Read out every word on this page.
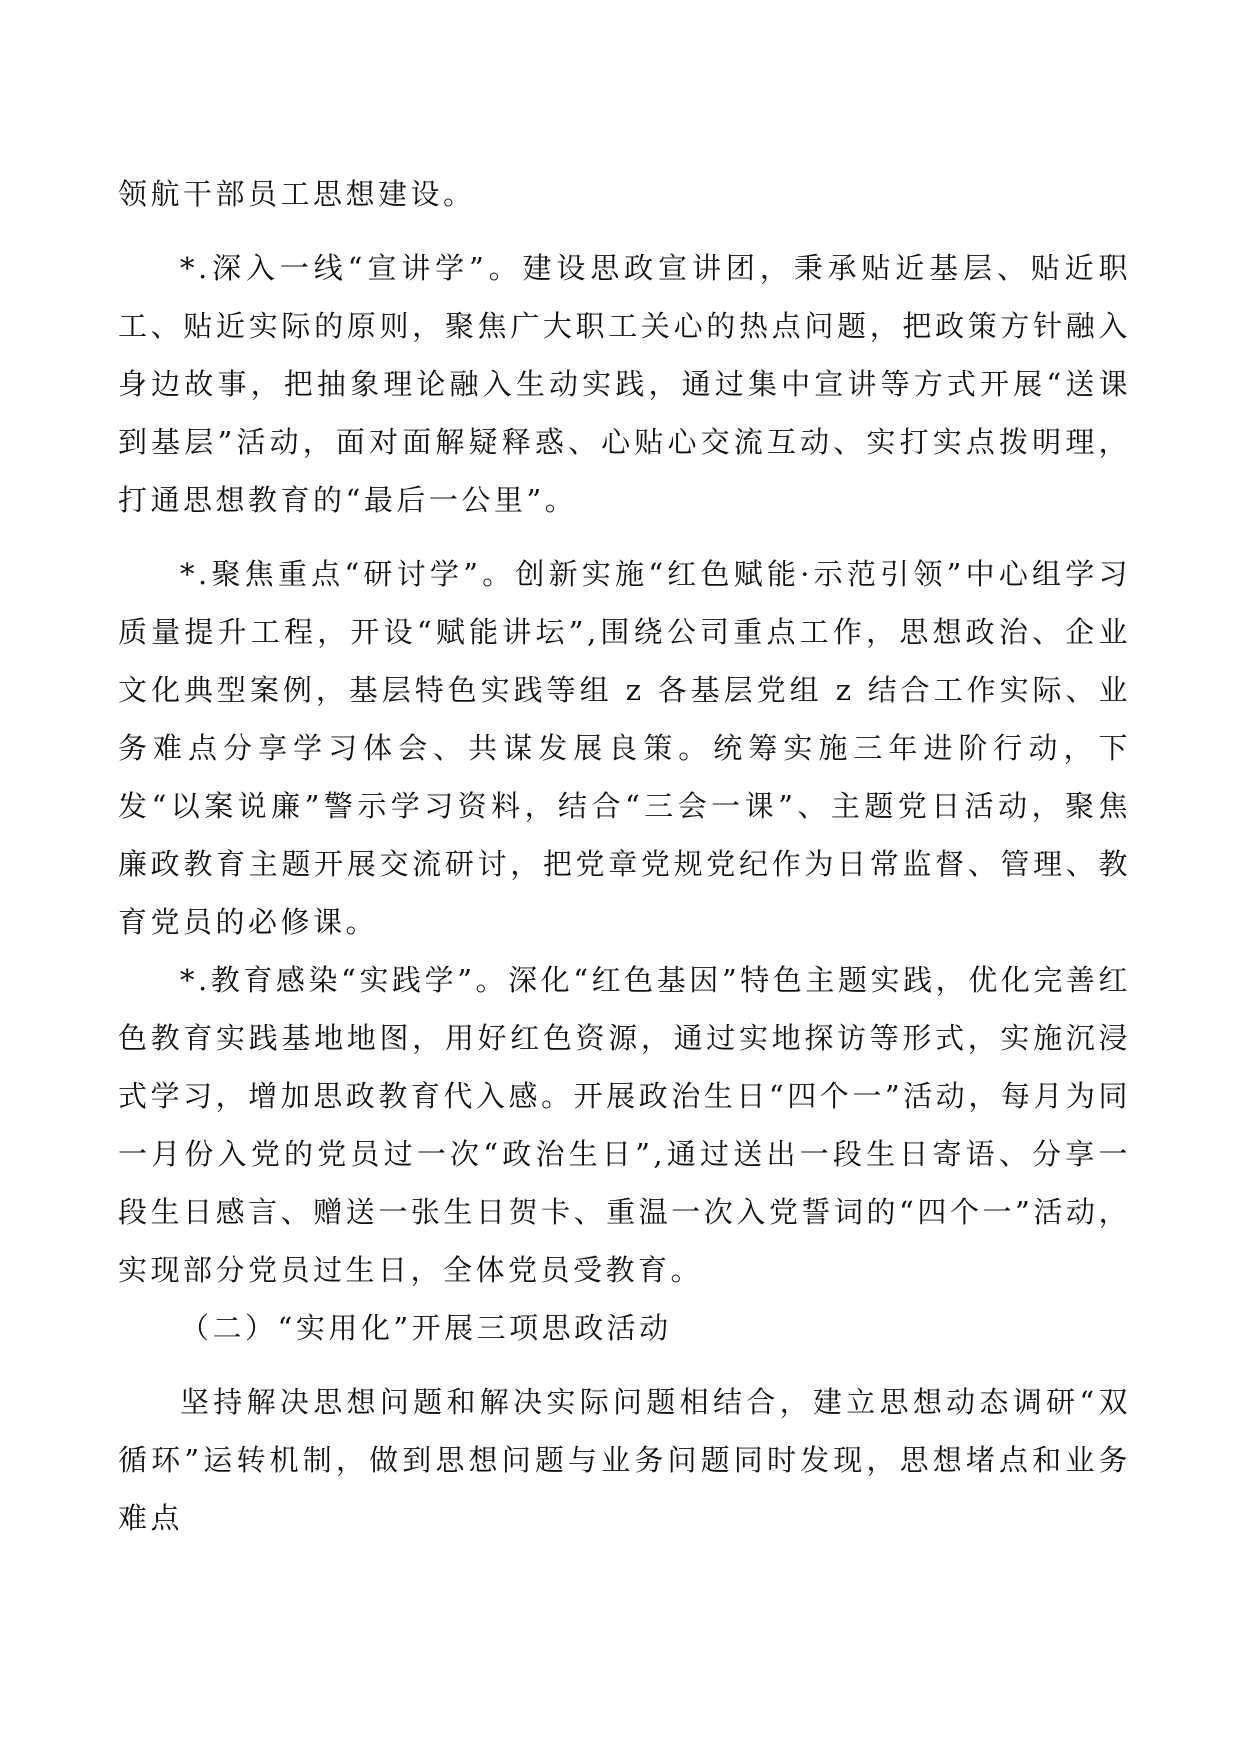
领航干部员工思想建设。

*.深入一线“宣讲学”。建设思政宣讲团，秉承贴近基层、贴近职工、贴近实际的原则，聚焦广大职工关心的热点问题，把政策方针融入身边故事，把抽象理论融入生动实践，通过集中宣讲等方式开展“送课到基层”活动，面对面解疑释惑、心贴心交流互动、实打实点拨明理，打通思想教育的“最后一公里”。

*.聚焦重点“研讨学”。创新实施“红色赋能·示范引领”中心组学习质量提升工程，开设“赋能讲坛”,围绕公司重点工作，思想政治、企业文化典型案例，基层特色实践等组 z 各基层党组 z 结合工作实际、业务难点分享学习体会、共谋发展良策。统筹实施三年进阶行动，下发“以案说廉”警示学习资料，结合“三会一课”、主题党日活动，聚焦廉政教育主题开展交流研讨，把党章党规党纪作为日常监督、管理、教育党员的必修课。

*.教育感染“实践学”。深化“红色基因”特色主题实践，优化完善红色教育实践基地地图，用好红色资源，通过实地探访等形式，实施沉浸式学习，增加思政教育代入感。开展政治生日“四个一”活动，每月为同一月份入党的党员过一次“政治生日”,通过送出一段生日寄语、分享一段生日感言、赠送一张生日贺卡、重温一次入党誓词的“四个一”活动，实现部分党员过生日，全体党员受教育。

（二）“实用化”开展三项思政活动

坚持解决思想问题和解决实际问题相结合，建立思想动态调研“双循环”运转机制，做到思想问题与业务问题同时发现，思想堵点和业务难点
